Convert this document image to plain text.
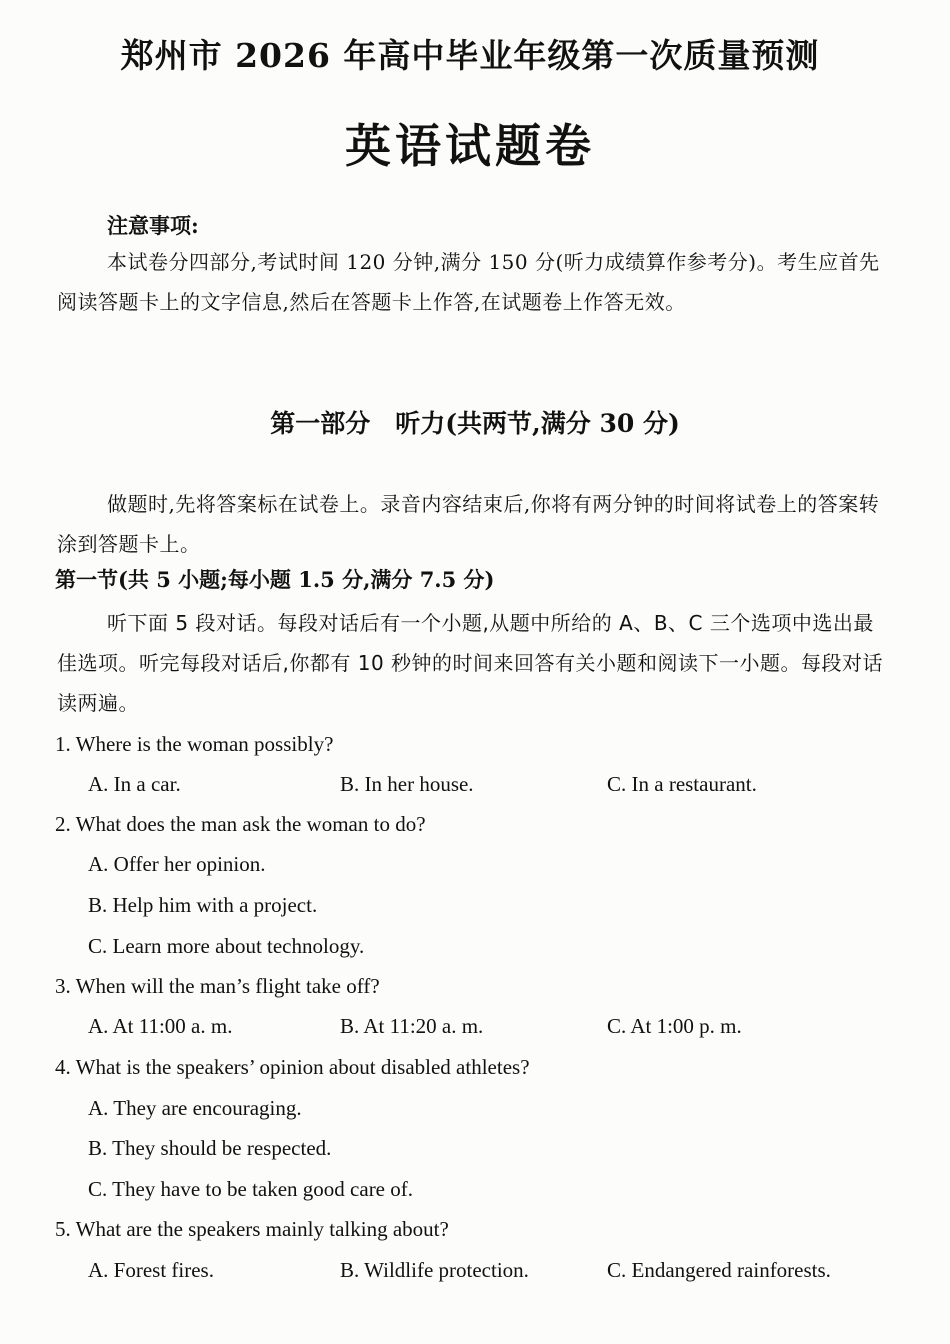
郑州市 2026 年高中毕业年级第一次质量预测
英语试题卷
注意事项:
本试卷分四部分,考试时间 120 分钟,满分 150 分(听力成绩算作参考分)。考生应首先阅读答题卡上的文字信息,然后在答题卡上作答,在试题卷上作答无效。
第一部分　听力(共两节,满分 30 分)
做题时,先将答案标在试卷上。录音内容结束后,你将有两分钟的时间将试卷上的答案转涂到答题卡上。
第一节(共 5 小题;每小题 1.5 分,满分 7.5 分)
听下面 5 段对话。每段对话后有一个小题,从题中所给的 A、B、C 三个选项中选出最佳选项。听完每段对话后,你都有 10 秒钟的时间来回答有关小题和阅读下一小题。每段对话读两遍。
1. Where is the woman possibly?
A. In a car.	B. In her house.	C. In a restaurant.
2. What does the man ask the woman to do?
A. Offer her opinion.
B. Help him with a project.
C. Learn more about technology.
3. When will the man’s flight take off?
A. At 11:00 a. m.	B. At 11:20 a. m.	C. At 1:00 p. m.
4. What is the speakers’ opinion about disabled athletes?
A. They are encouraging.
B. They should be respected.
C. They have to be taken good care of.
5. What are the speakers mainly talking about?
A. Forest fires.	B. Wildlife protection.	C. Endangered rainforests.
